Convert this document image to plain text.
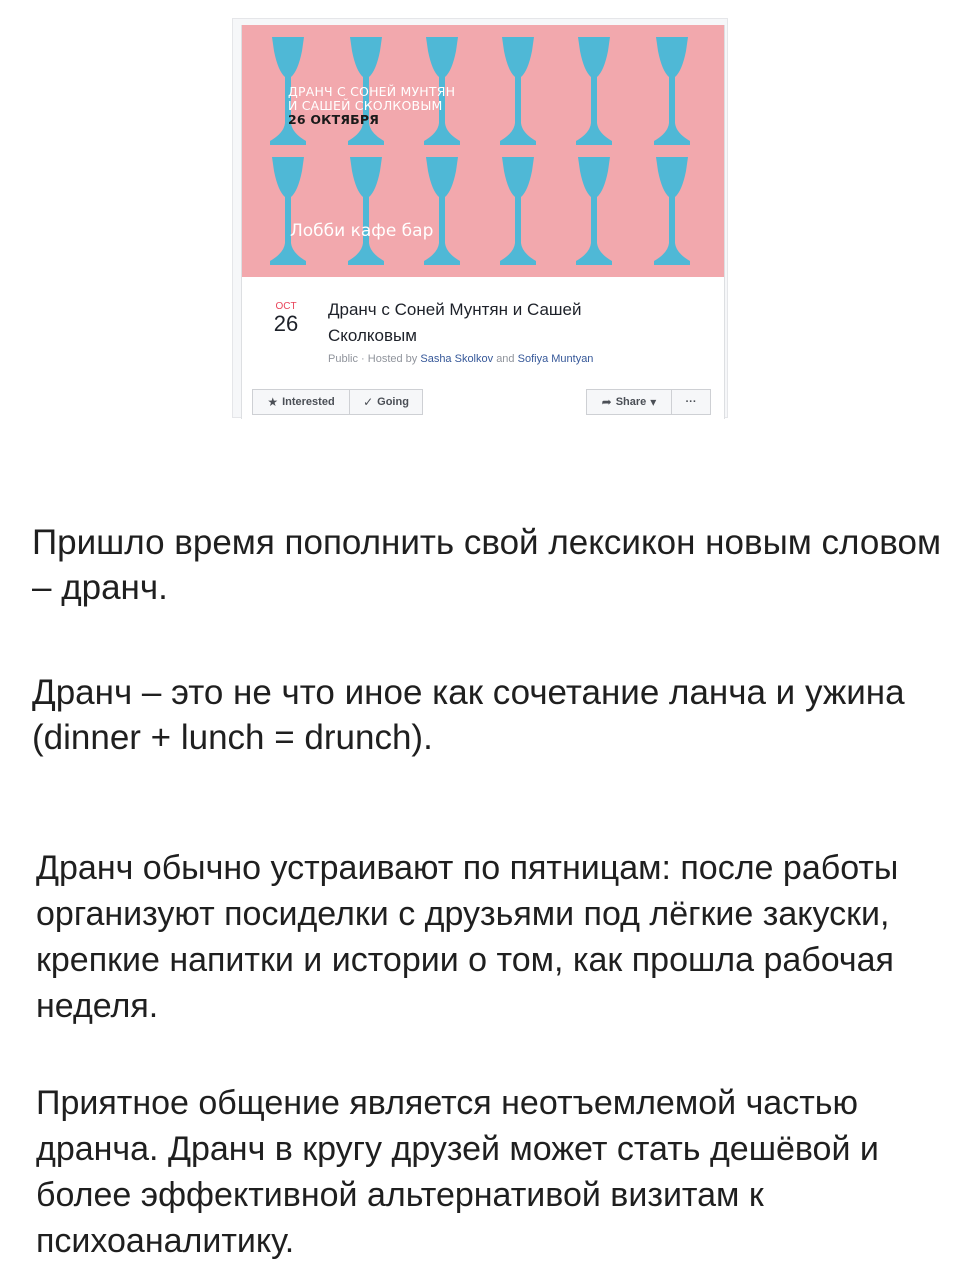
ДРАНЧ С СОНЕЙ МУНТЯН
И САШЕЙ СКОЛКОВЫМ
26 ОКТЯБРЯ
Лобби кафе бар
OCT
26
Дранч с Соней Мунтян и Сашей Сколковым
Public · Hosted by Sasha Skolkov and Sofiya Muntyan
★ Interested ✓ Going	➦ Share ▾	···

Пришло время пополнить свой лексикон новым словом – дранч.

Дранч – это не что иное как сочетание ланча и ужина (dinner + lunch = drunch).

Дранч обычно устраивают по пятницам: после работы организуют посиделки с друзьями под лёгкие закуски, крепкие напитки и истории о том, как прошла рабочая неделя.

Приятное общение является неотъемлемой частью дранча. Дранч в кругу друзей может стать дешёвой и более эффективной альтернативой визитам к психоаналитику.
